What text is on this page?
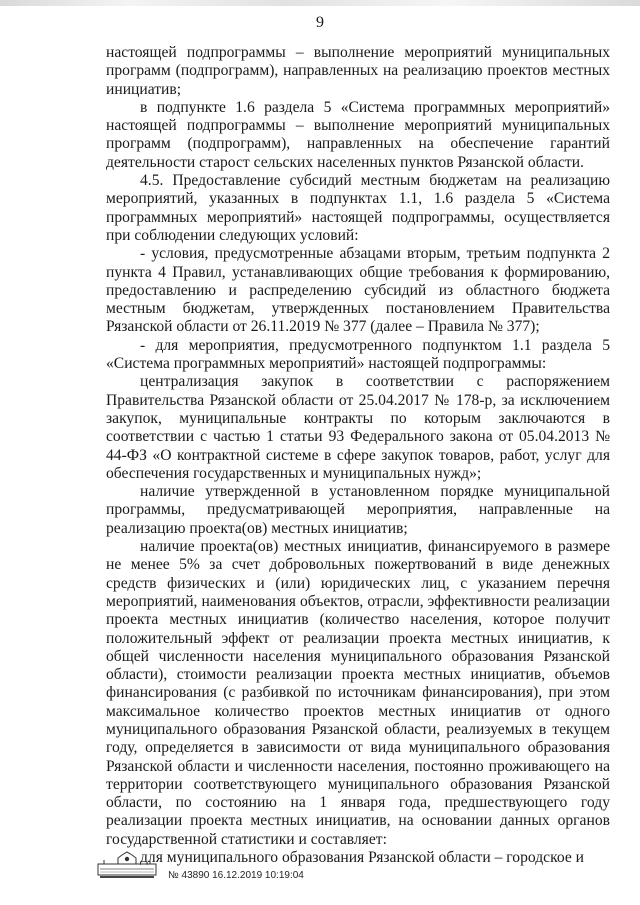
9

настоящей подпрограммы – выполнение мероприятий муниципальных программ (подпрограмм), направленных на реализацию проектов местных инициатив;

в подпункте 1.6 раздела 5 «Система программных мероприятий» настоящей подпрограммы – выполнение мероприятий муниципальных программ (подпрограмм), направленных на обеспечение гарантий деятельности старост сельских населенных пунктов Рязанской области.

4.5. Предоставление субсидий местным бюджетам на реализацию мероприятий, указанных в подпунктах 1.1, 1.6 раздела 5 «Система программных мероприятий» настоящей подпрограммы, осуществляется при соблюдении следующих условий:

- условия, предусмотренные абзацами вторым, третьим подпункта 2 пункта 4 Правил, устанавливающих общие требования к формированию, предоставлению и распределению субсидий из областного бюджета местным бюджетам, утвержденных постановлением Правительства Рязанской области от 26.11.2019 № 377 (далее – Правила № 377);

- для мероприятия, предусмотренного подпунктом 1.1 раздела 5 «Система программных мероприятий» настоящей подпрограммы:

централизация закупок в соответствии с распоряжением Правительства Рязанской области от 25.04.2017 № 178-р, за исключением закупок, муниципальные контракты по которым заключаются в соответствии с частью 1 статьи 93 Федерального закона от 05.04.2013 № 44-ФЗ «О контрактной системе в сфере закупок товаров, работ, услуг для обеспечения государственных и муниципальных нужд»;

наличие утвержденной в установленном порядке муниципальной программы, предусматривающей мероприятия, направленные на реализацию проекта(ов) местных инициатив;

наличие проекта(ов) местных инициатив, финансируемого в размере не менее 5% за счет добровольных пожертвований в виде денежных средств физических и (или) юридических лиц, с указанием перечня мероприятий, наименования объектов, отрасли, эффективности реализации проекта местных инициатив (количество населения, которое получит положительный эффект от реализации проекта местных инициатив, к общей численности населения муниципального образования Рязанской области), стоимости реализации проекта местных инициатив, объемов финансирования (с разбивкой по источникам финансирования), при этом максимальное количество проектов местных инициатив от одного муниципального образования Рязанской области, реализуемых в текущем году, определяется в зависимости от вида муниципального образования Рязанской области и численности населения, постоянно проживающего на территории соответствующего муниципального образования Рязанской области, по состоянию на 1 января года, предшествующего году реализации проекта местных инициатив, на основании данных органов государственной статистики и составляет:

для муниципального образования Рязанской области – городское и

№ 43890 16.12.2019 10:19:04
